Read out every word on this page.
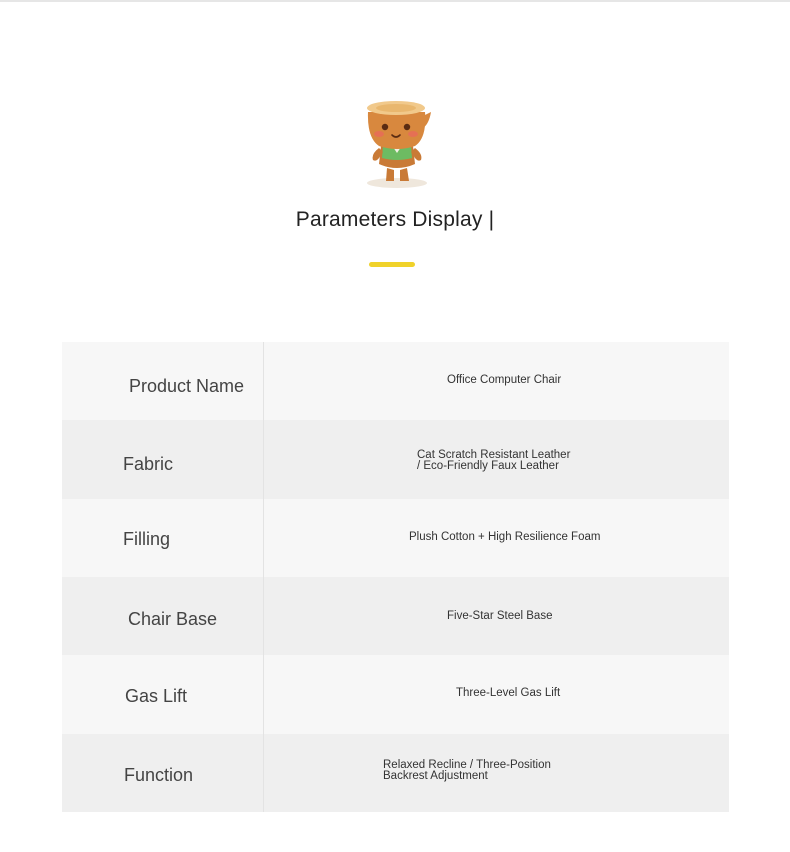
Parameters Display |
Product Name	Office Computer Chair
Fabric	Cat Scratch Resistant Leather
/ Eco-Friendly Faux Leather
Filling	Plush Cotton + High Resilience Foam
Chair Base	Five-Star Steel Base
Gas Lift	Three-Level Gas Lift
Function	Relaxed Recline / Three-Position
Backrest Adjustment
